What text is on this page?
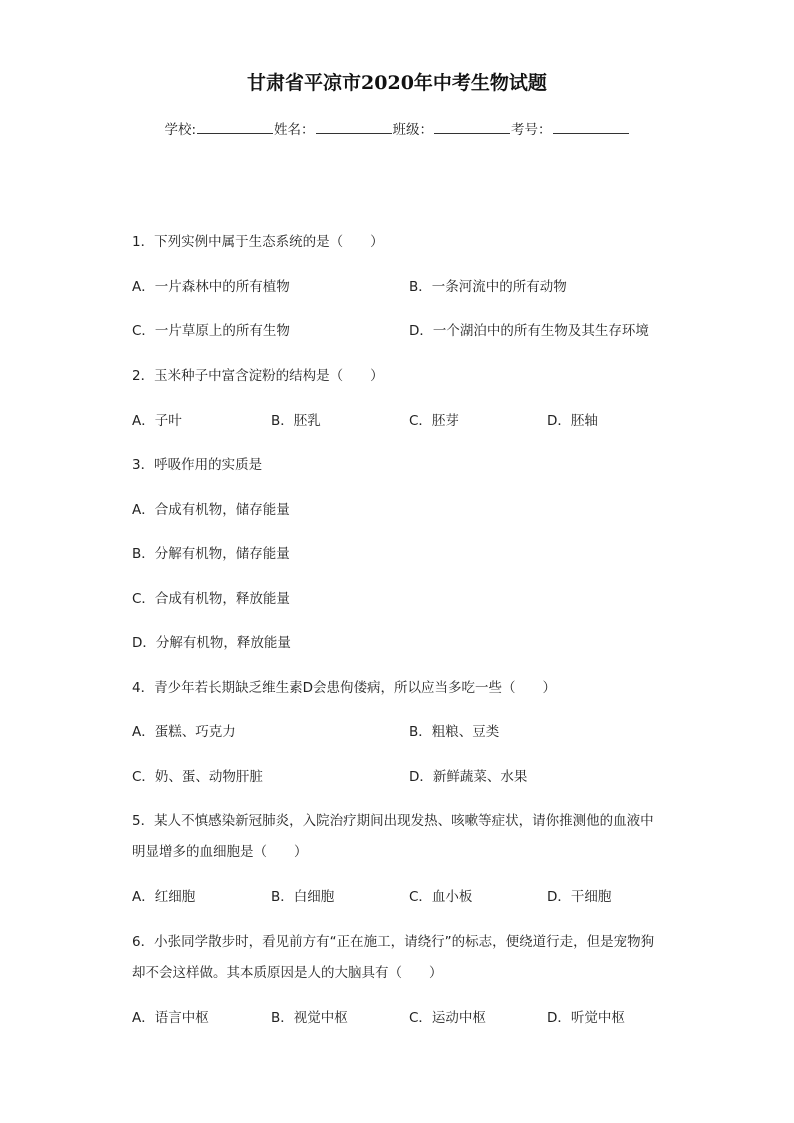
甘肃省平凉市2020年中考生物试题
学校:	姓名：	班级：	考号：
1．下列实例中属于生态系统的是（　　）
A．一片森林中的所有植物	B．一条河流中的所有动物
C．一片草原上的所有生物	D．一个湖泊中的所有生物及其生存环境
2．玉米种子中富含淀粉的结构是（　　）
A．子叶	B．胚乳	C．胚芽	D．胚轴
3．呼吸作用的实质是
A．合成有机物，储存能量
B．分解有机物，储存能量
C．合成有机物，释放能量
D．分解有机物，释放能量
4．青少年若长期缺乏维生素D会患佝偻病，所以应当多吃一些（　　）
A．蛋糕、巧克力	B．粗粮、豆类
C．奶、蛋、动物肝脏	D．新鲜蔬菜、水果
5．某人不慎感染新冠肺炎，入院治疗期间出现发热、咳嗽等症状，请你推测他的血液中明显增多的血细胞是（　　）
A．红细胞	B．白细胞	C．血小板	D．干细胞
6．小张同学散步时，看见前方有“正在施工，请绕行”的标志，便绕道行走，但是宠物狗却不会这样做。其本质原因是人的大脑具有（　　）
A．语言中枢	B．视觉中枢	C．运动中枢	D．听觉中枢
